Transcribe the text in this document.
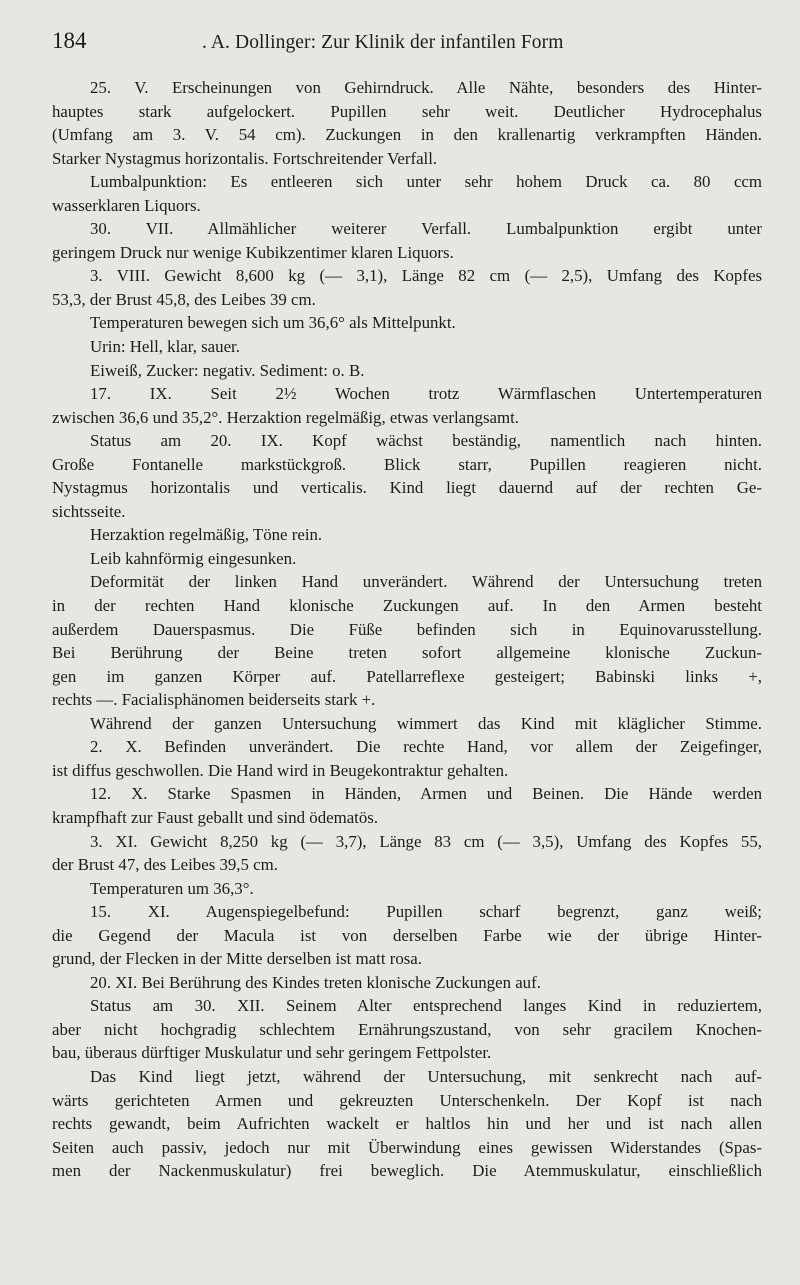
184	. A. Dollinger: Zur Klinik der infantilen Form
25. V. Erscheinungen von Gehirndruck. Alle Nähte, besonders des Hinter-
hauptes stark aufgelockert. Pupillen sehr weit. Deutlicher Hydrocephalus
(Umfang am 3. V. 54 cm). Zuckungen in den krallenartig verkrampften Händen.
Starker Nystagmus horizontalis. Fortschreitender Verfall.
Lumbalpunktion: Es entleeren sich unter sehr hohem Druck ca. 80 ccm
wasserklaren Liquors.
30. VII. Allmählicher weiterer Verfall. Lumbalpunktion ergibt unter
geringem Druck nur wenige Kubikzentimer klaren Liquors.
3. VIII. Gewicht 8,600 kg (— 3,1), Länge 82 cm (— 2,5), Umfang des Kopfes
53,3, der Brust 45,8, des Leibes 39 cm.
Temperaturen bewegen sich um 36,6° als Mittelpunkt.
Urin: Hell, klar, sauer.
Eiweiß, Zucker: negativ. Sediment: o. B.
17. IX. Seit 2½ Wochen trotz Wärmflaschen Untertemperaturen
zwischen 36,6 und 35,2°. Herzaktion regelmäßig, etwas verlangsamt.
Status am 20. IX. Kopf wächst beständig, namentlich nach hinten.
Große Fontanelle markstückgroß. Blick starr, Pupillen reagieren nicht.
Nystagmus horizontalis und verticalis. Kind liegt dauernd auf der rechten Ge-
sichtsseite.
Herzaktion regelmäßig, Töne rein.
Leib kahnförmig eingesunken.
Deformität der linken Hand unverändert. Während der Untersuchung treten
in der rechten Hand klonische Zuckungen auf. In den Armen besteht
außerdem Dauerspasmus. Die Füße befinden sich in Equinovarusstellung.
Bei Berührung der Beine treten sofort allgemeine klonische Zuckun-
gen im ganzen Körper auf. Patellarreflexe gesteigert; Babinski links +,
rechts —. Facialisphänomen beiderseits stark +.
Während der ganzen Untersuchung wimmert das Kind mit kläglicher Stimme.
2. X. Befinden unverändert. Die rechte Hand, vor allem der Zeigefinger,
ist diffus geschwollen. Die Hand wird in Beugekontraktur gehalten.
12. X. Starke Spasmen in Händen, Armen und Beinen. Die Hände werden
krampfhaft zur Faust geballt und sind ödematös.
3. XI. Gewicht 8,250 kg (— 3,7), Länge 83 cm (— 3,5), Umfang des Kopfes 55,
der Brust 47, des Leibes 39,5 cm.
Temperaturen um 36,3°.
15. XI. Augenspiegelbefund: Pupillen scharf begrenzt, ganz weiß;
die Gegend der Macula ist von derselben Farbe wie der übrige Hinter-
grund, der Flecken in der Mitte derselben ist matt rosa.
20. XI. Bei Berührung des Kindes treten klonische Zuckungen auf.
Status am 30. XII. Seinem Alter entsprechend langes Kind in reduziertem,
aber nicht hochgradig schlechtem Ernährungszustand, von sehr gracilem Knochen-
bau, überaus dürftiger Muskulatur und sehr geringem Fettpolster.
Das Kind liegt jetzt, während der Untersuchung, mit senkrecht nach auf-
wärts gerichteten Armen und gekreuzten Unterschenkeln. Der Kopf ist nach
rechts gewandt, beim Aufrichten wackelt er haltlos hin und her und ist nach allen
Seiten auch passiv, jedoch nur mit Überwindung eines gewissen Widerstandes (Spas-
men der Nackenmuskulatur) frei beweglich. Die Atemmuskulatur, einschließlich
